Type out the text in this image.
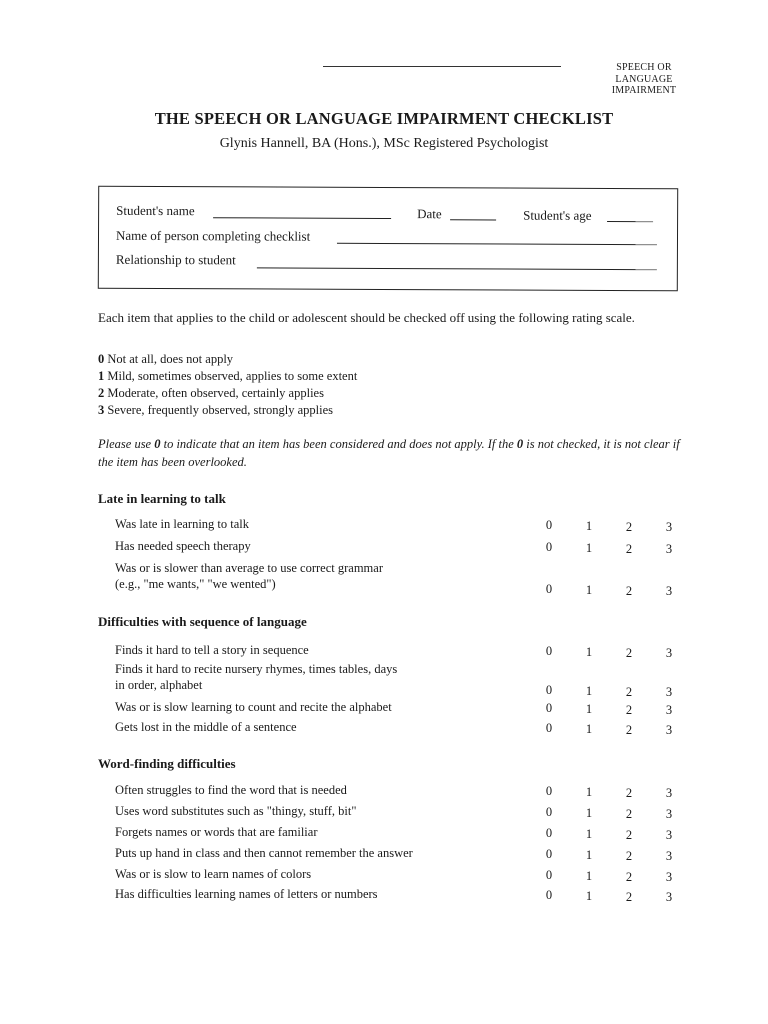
SPEECH OR
LANGUAGE
IMPAIRMENT
THE SPEECH OR LANGUAGE IMPAIRMENT CHECKLIST
Glynis Hannell, BA (Hons.), MSc Registered Psychologist
Student's name	Date	Student's age
Name of person completing checklist
Relationship to student
Each item that applies to the child or adolescent should be checked off using the following rating scale.
0 Not at all, does not apply
1 Mild, sometimes observed, applies to some extent
2 Moderate, often observed, certainly applies
3 Severe, frequently observed, strongly applies
Please use 0 to indicate that an item has been considered and does not apply. If the 0 is not checked, it is not clear if the item has been overlooked.
Late in learning to talk
Was late in learning to talk	0	1	2	3
Has needed speech therapy	0	1	2	3
Was or is slower than average to use correct grammar
(e.g., "me wants," "we wented")	0	1	2	3
Difficulties with sequence of language
Finds it hard to tell a story in sequence	0	1	2	3
Finds it hard to recite nursery rhymes, times tables, days
in order, alphabet	0	1	2	3
Was or is slow learning to count and recite the alphabet	0	1	2	3
Gets lost in the middle of a sentence	0	1	2	3
Word-finding difficulties
Often struggles to find the word that is needed	0	1	2	3
Uses word substitutes such as "thingy, stuff, bit"	0	1	2	3
Forgets names or words that are familiar	0	1	2	3
Puts up hand in class and then cannot remember the answer	0	1	2	3
Was or is slow to learn names of colors	0	1	2	3
Has difficulties learning names of letters or numbers	0	1	2	3
